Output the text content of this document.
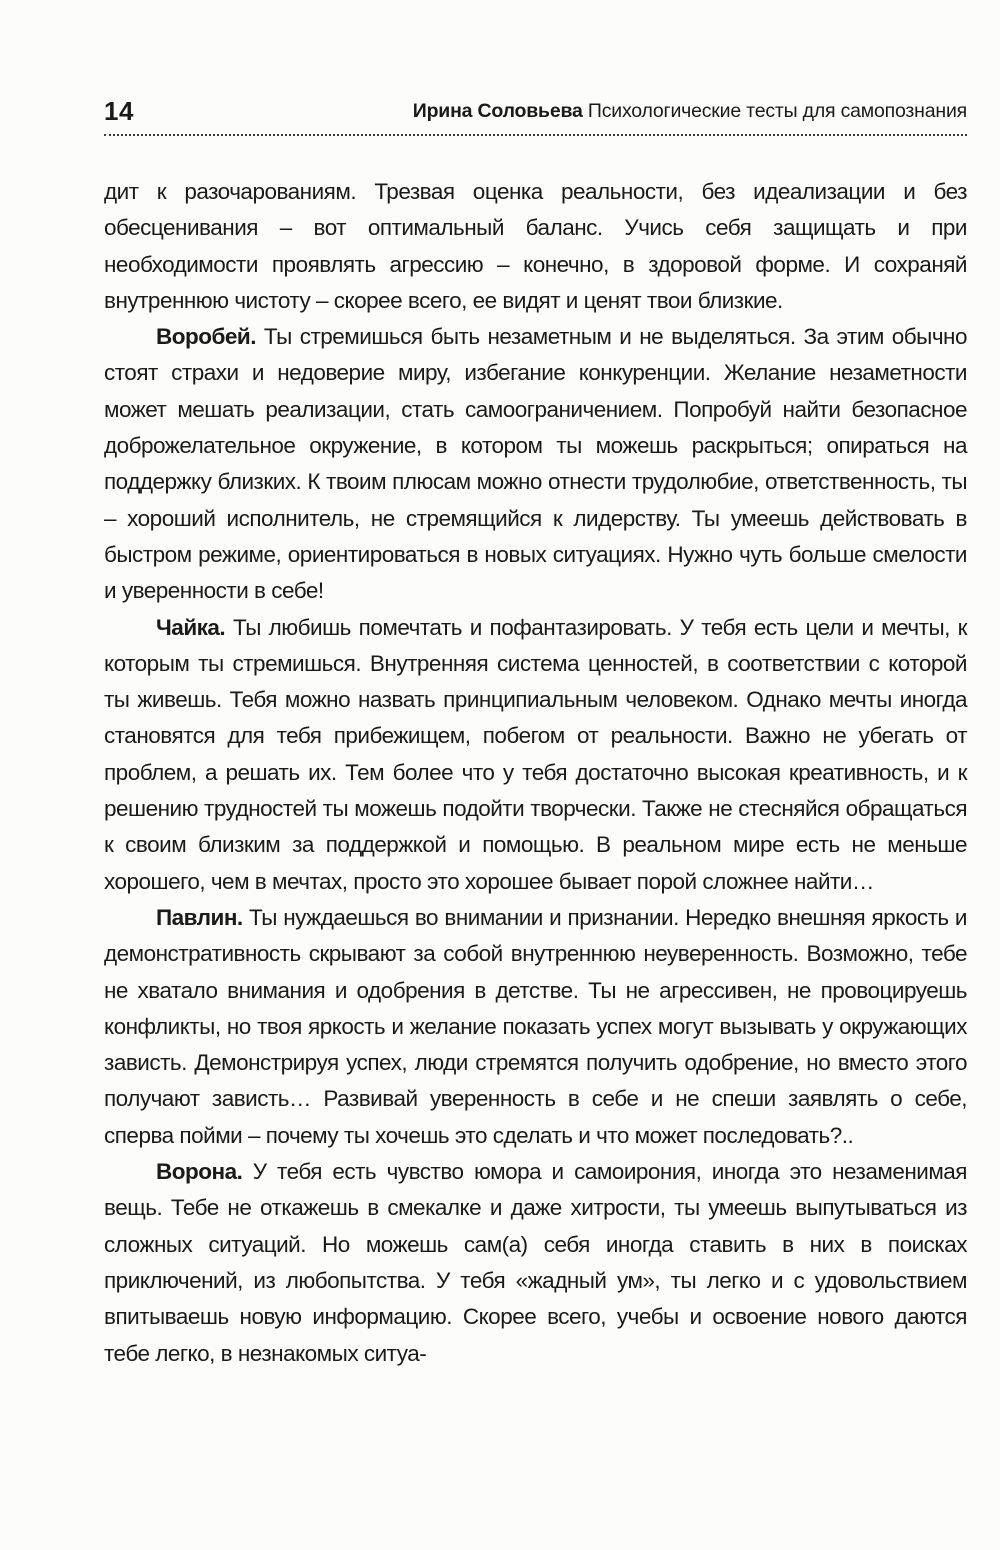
14	Ирина Соловьева Психологические тесты для самопознания

дит к разочарованиям. Трезвая оценка реальности, без идеализации и без обесценивания – вот оптимальный баланс. Учись себя защищать и при необходимости проявлять агрессию – конечно, в здоровой форме. И сохраняй внутреннюю чистоту – скорее всего, ее видят и ценят твои близкие.

Воробей. Ты стремишься быть незаметным и не выделяться. За этим обычно стоят страхи и недоверие миру, избегание конкуренции. Желание незаметности может мешать реализации, стать самоограничением. Попробуй найти безопасное доброжелательное окружение, в котором ты можешь раскрыться; опираться на поддержку близких. К твоим плюсам можно отнести трудолюбие, ответственность, ты – хороший исполнитель, не стремящийся к лидерству. Ты умеешь действовать в быстром режиме, ориентироваться в новых ситуациях. Нужно чуть больше смелости и уверенности в себе!

Чайка. Ты любишь помечтать и пофантазировать. У тебя есть цели и мечты, к которым ты стремишься. Внутренняя система ценностей, в соответствии с которой ты живешь. Тебя можно назвать принципиальным человеком. Однако мечты иногда становятся для тебя прибежищем, побегом от реальности. Важно не убегать от проблем, а решать их. Тем более что у тебя достаточно высокая креативность, и к решению трудностей ты можешь подойти творчески. Также не стесняйся обращаться к своим близким за поддержкой и помощью. В реальном мире есть не меньше хорошего, чем в мечтах, просто это хорошее бывает порой сложнее найти…

Павлин. Ты нуждаешься во внимании и признании. Нередко внешняя яркость и демонстративность скрывают за собой внутреннюю неуверенность. Возможно, тебе не хватало внимания и одобрения в детстве. Ты не агрессивен, не провоцируешь конфликты, но твоя яркость и желание показать успех могут вызывать у окружающих зависть. Демонстрируя успех, люди стремятся получить одобрение, но вместо этого получают зависть… Развивай уверенность в себе и не спеши заявлять о себе, сперва пойми – почему ты хочешь это сделать и что может последовать?..

Ворона. У тебя есть чувство юмора и самоирония, иногда это незаменимая вещь. Тебе не откажешь в смекалке и даже хитрости, ты умеешь выпутываться из сложных ситуаций. Но можешь сам(а) себя иногда ставить в них в поисках приключений, из любопытства. У тебя «жадный ум», ты легко и с удовольствием впитываешь новую информацию. Скорее всего, учебы и освоение нового даются тебе легко, в незнакомых ситуа-
